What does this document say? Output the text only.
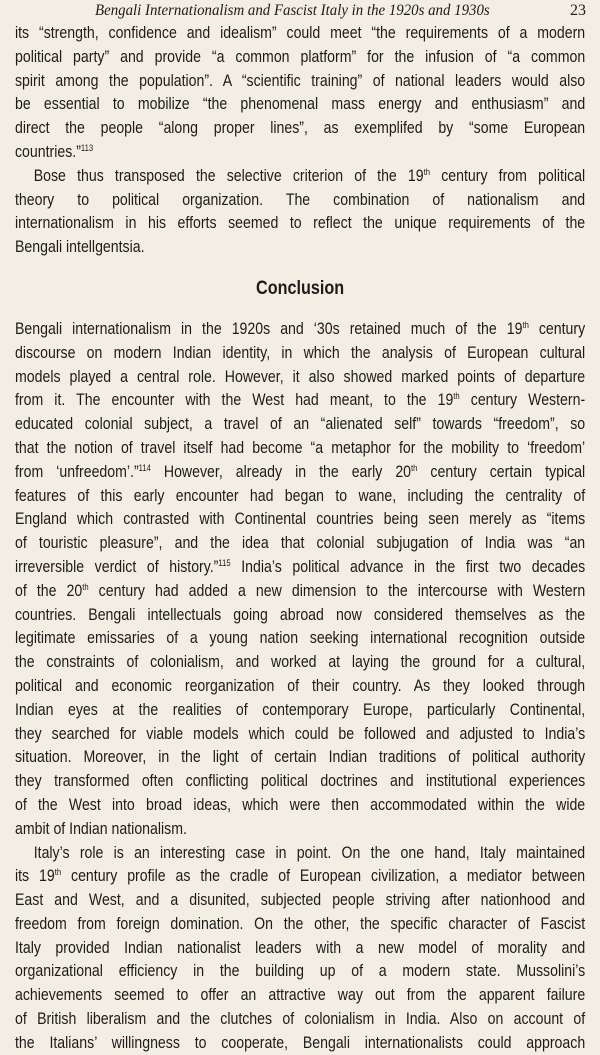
Bengali Internationalism and Fascist Italy in the 1920s and 1930s	23
its “strength, confidence and idealism” could meet “the requirements of a modern
political party” and provide “a common platform” for the infusion of “a common
spirit among the population”. A “scientific training” of national leaders would also
be essential to mobilize “the phenomenal mass energy and enthusiasm” and
direct the people “along proper lines”, as exemplifed by “some European
countries.”$^{113}$
Bose thus transposed the selective criterion of the 19th century from political
theory to political organization. The combination of nationalism and
internationalism in his efforts seemed to reflect the unique requirements of the
Bengali intellgentsia.
Conclusion
Bengali internationalism in the 1920s and ‘30s retained much of the 19th century
discourse on modern Indian identity, in which the analysis of European cultural
models played a central role. However, it also showed marked points of departure
from it. The encounter with the West had meant, to the 19th century Western-
educated colonial subject, a travel of an “alienated self” towards “freedom”, so
that the notion of travel itself had become “a metaphor for the mobility to ‘freedom’
from ‘unfreedom’.”$^{114}$ However, already in the early 20th century certain typical
features of this early encounter had began to wane, including the centrality of
England which contrasted with Continental countries being seen merely as “items
of touristic pleasure”, and the idea that colonial subjugation of India was “an
irreversible verdict of history.”$^{115}$ India’s political advance in the first two decades
of the 20th century had added a new dimension to the intercourse with Western
countries. Bengali intellectuals going abroad now considered themselves as the
legitimate emissaries of a young nation seeking international recognition outside
the constraints of colonialism, and worked at laying the ground for a cultural,
political and economic reorganization of their country. As they looked through
Indian eyes at the realities of contemporary Europe, particularly Continental,
they searched for viable models which could be followed and adjusted to India’s
situation. Moreover, in the light of certain Indian traditions of political authority
they transformed often conflicting political doctrines and institutional experiences
of the West into broad ideas, which were then accommodated within the wide
ambit of Indian nationalism.
Italy’s role is an interesting case in point. On the one hand, Italy maintained
its 19th century profile as the cradle of European civilization, a mediator between
East and West, and a disunited, subjected people striving after nationhood and
freedom from foreign domination. On the other, the specific character of Fascist
Italy provided Indian nationalist leaders with a new model of morality and
organizational efficiency in the building up of a modern state. Mussolini’s
achievements seemed to offer an attractive way out from the apparent failure
of British liberalism and the clutches of colonialism in India. Also on account of
the Italians’ willingness to cooperate, Bengali internationalists could approach
